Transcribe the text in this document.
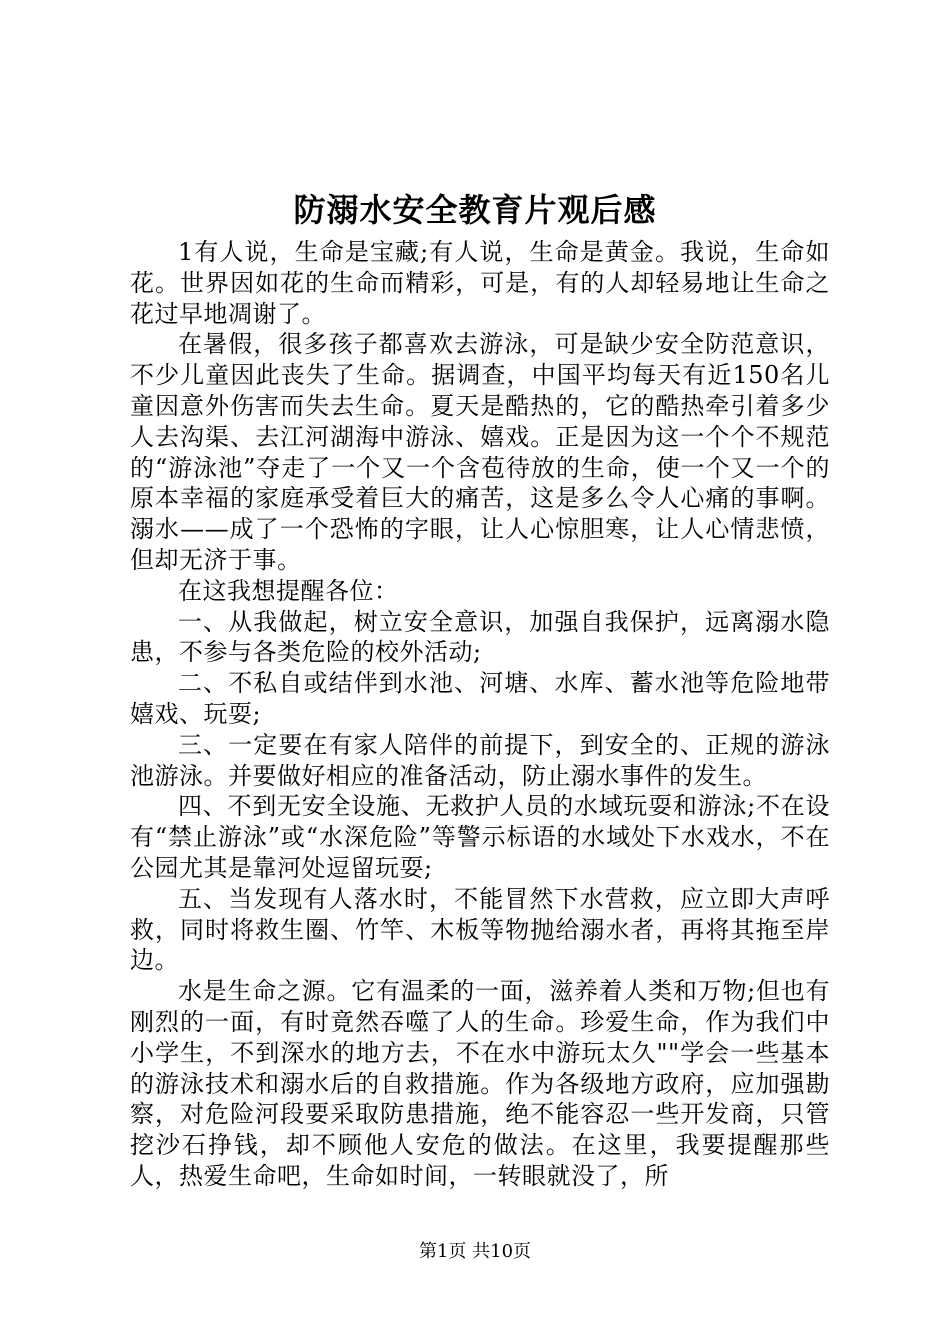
防溺水安全教育片观后感

1有人说，生命是宝藏;有人说，生命是黄金。我说，生命如花。世界因如花的生命而精彩，可是，有的人却轻易地让生命之花过早地凋谢了。

在暑假，很多孩子都喜欢去游泳，可是缺少安全防范意识，不少儿童因此丧失了生命。据调查，中国平均每天有近150名儿童因意外伤害而失去生命。夏天是酷热的，它的酷热牵引着多少人去沟渠、去江河湖海中游泳、嬉戏。正是因为这一个个不规范的“游泳池”夺走了一个又一个含苞待放的生命，使一个又一个的原本幸福的家庭承受着巨大的痛苦，这是多么令人心痛的事啊。溺水——成了一个恐怖的字眼，让人心惊胆寒，让人心情悲愤，但却无济于事。

在这我想提醒各位：

一、从我做起，树立安全意识，加强自我保护，远离溺水隐患，不参与各类危险的校外活动;

二、不私自或结伴到水池、河塘、水库、蓄水池等危险地带嬉戏、玩耍;

三、一定要在有家人陪伴的前提下，到安全的、正规的游泳池游泳。并要做好相应的准备活动，防止溺水事件的发生。

四、不到无安全设施、无救护人员的水域玩耍和游泳;不在设有“禁止游泳”或“水深危险”等警示标语的水域处下水戏水，不在公园尤其是靠河处逗留玩耍;

五、当发现有人落水时，不能冒然下水营救，应立即大声呼救，同时将救生圈、竹竿、木板等物抛给溺水者，再将其拖至岸边。

水是生命之源。它有温柔的一面，滋养着人类和万物;但也有刚烈的一面，有时竟然吞噬了人的生命。珍爱生命，作为我们中小学生，不到深水的地方去，不在水中游玩太久""学会一些基本的游泳技术和溺水后的自救措施。作为各级地方政府，应加强勘察，对危险河段要采取防患措施，绝不能容忍一些开发商，只管挖沙石挣钱，却不顾他人安危的做法。在这里，我要提醒那些人，热爱生命吧，生命如时间，一转眼就没了，所

第1页 共10页
